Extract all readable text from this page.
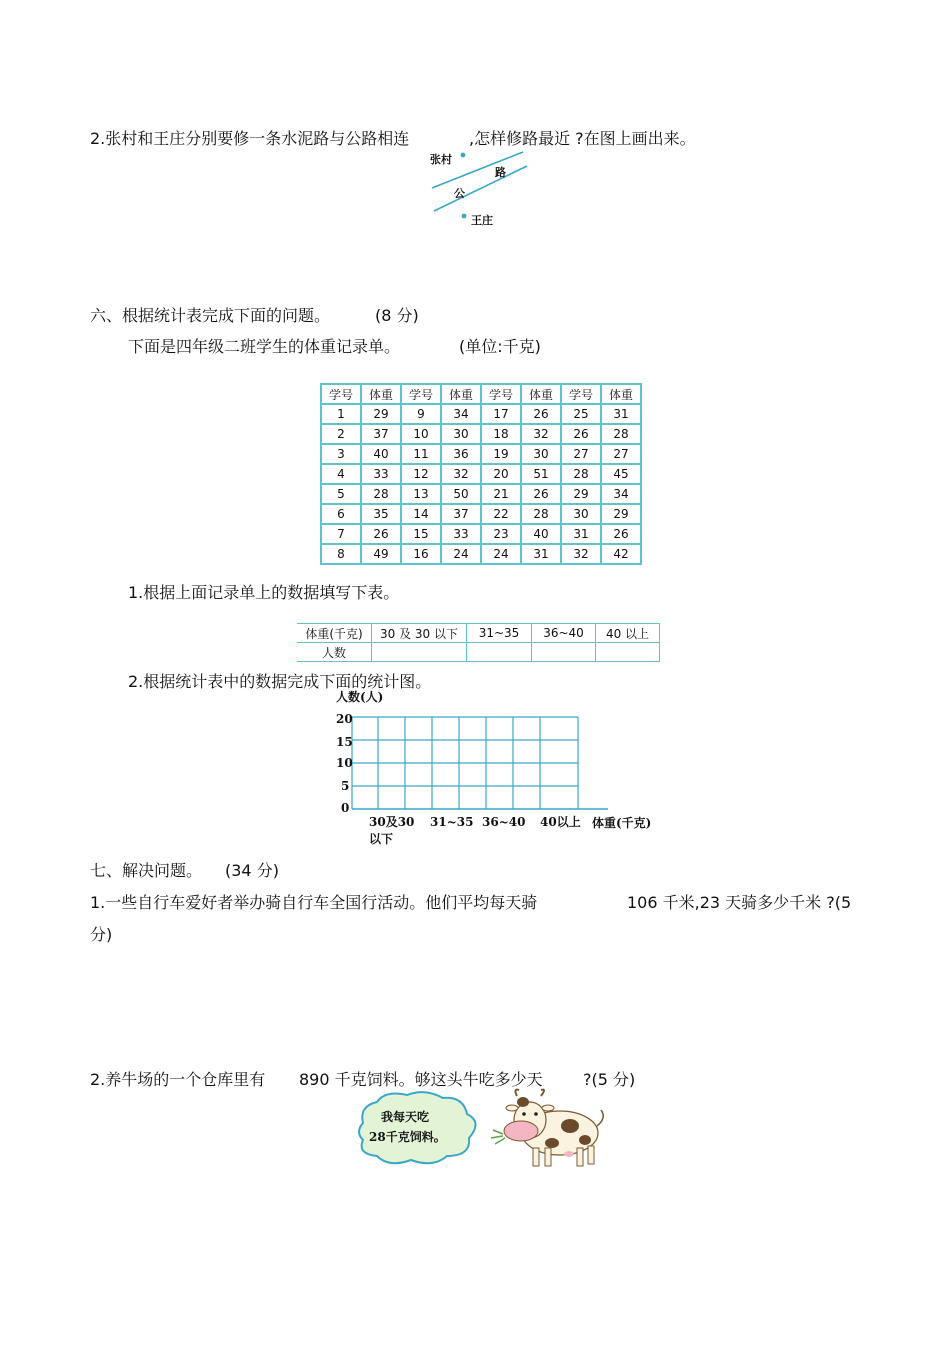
2.张村和王庄分别要修一条水泥路与公路相连	,怎样修路最近 ?在图上画出来。
张村
王庄
公
路
六、根据统计表完成下面的问题。	(8 分)
下面是四年级二班学生的体重记录单。	(单位:千克)
学号	体重	学号	体重	学号	体重	学号	体重
1	29	9	34	17	26	25	31
2	37	10	30	18	32	26	28
3	40	11	36	19	30	27	27
4	33	12	32	20	51	28	45
5	28	13	50	21	26	29	34
6	35	14	37	22	28	30	29
7	26	15	33	23	40	31	26
8	49	16	24	24	31	32	42
1.根据上面记录单上的数据填写下表。
体重(千克)	30 及 30 以下	31~35	36~40	40 以上
人数				
2.根据统计表中的数据完成下面的统计图。
人数(人)
20
15
10
5
0
30及30
以下
31~35 36~40 40以上 体重(千克)
七、解决问题。 (34 分)
1.一些自行车爱好者举办骑自行车全国行活动。他们平均每天骑	106 千米,23 天骑多少千米 ?(5
分)
2.养牛场的一个仓库里有 890 千克饲料。够这头牛吃多少天	?(5 分)
我每天吃
28千克饲料。
